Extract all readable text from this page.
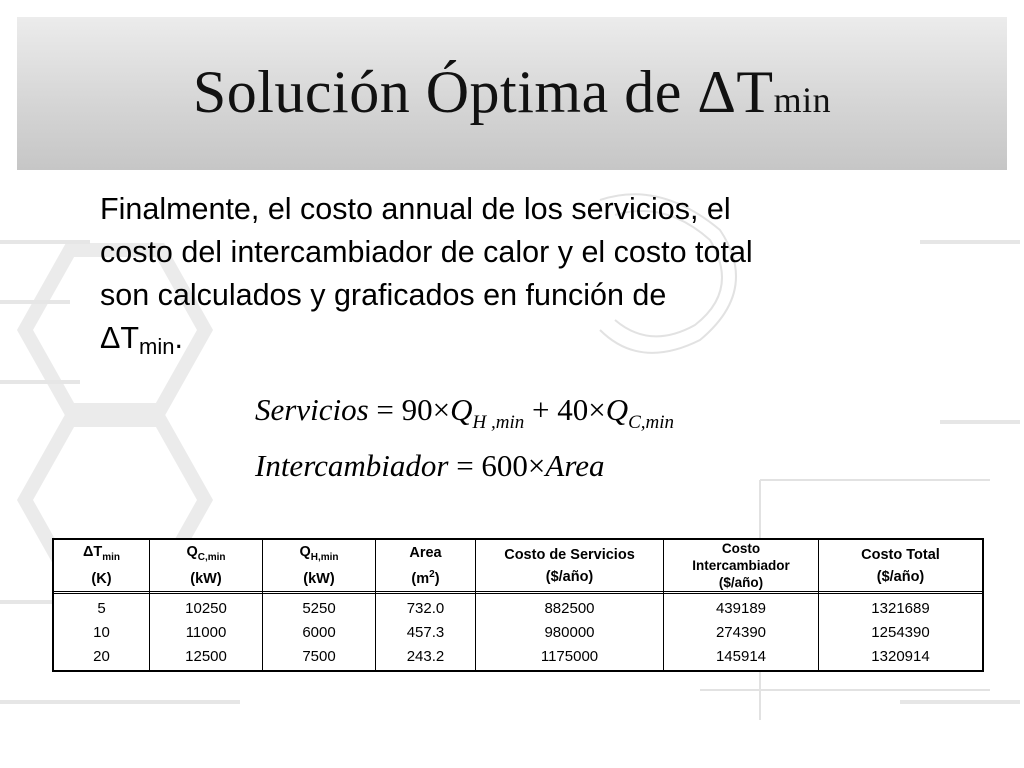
Solución Óptima de ΔTmin
Finalmente, el costo annual de los servicios, el
costo del intercambiador de calor y el costo total
son calculados y graficados en función de
ΔTmin.
Servicios = $90\times Q_{H ,min} + 40\times Q_{C,min}$
Intercambiador = 600×Area
$\Delta T_{min}$
(K)
5
10
20
$Q_{C,min}$
(kW)
10250
11000
12500
$Q_{H,min}$
(kW)
5250
6000
7500
Area
$(m^2)$
732.0
457.3
243.2
Costo de Servicios
($/año)
882500
980000
1175000
Costo
Intercambiador
($/año)
439189
274390
145914
Costo Total
($/año)
1321689
1254390
1320914
